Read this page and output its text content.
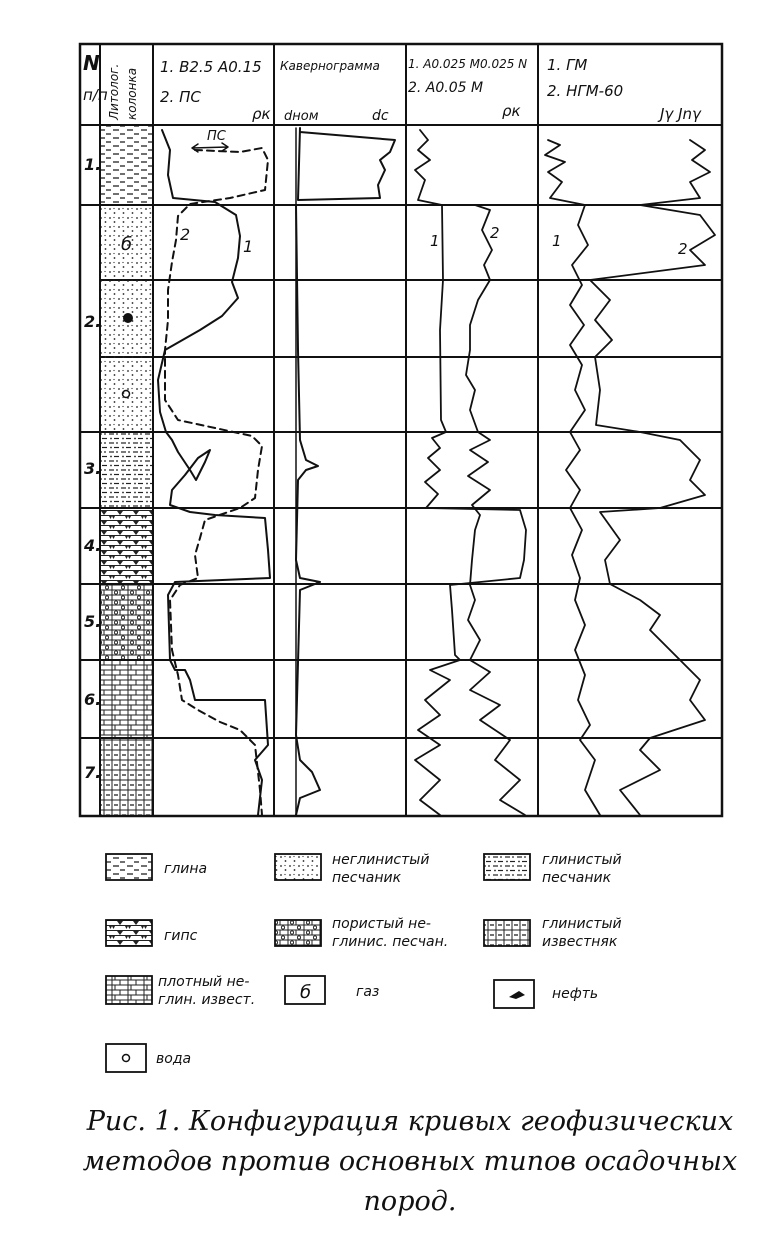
б
N
п/п Литолог. колонка
1. В2.5 А0.15
2. ПС
ρк
ПС
Кавернограмма
dном	dс
1. А0.025 М0.025 N
2. А0.05 М
ρк
1. ГМ
2. НГМ-60
Jγ Jnγ
1.
2.
3.
4.
5.
6.
7.
1
2	1	2	1	2
б
глина
неглинистый
песчаник
глинистый
песчаник
гипс
пористый не-
глинис. песчан.
глинистый
известняк
плотный не-
глин. извест.	газ	нефть
вода
Рис. 1. Конфигурация кривых геофизических
методов против основных типов осадочных
пород.
